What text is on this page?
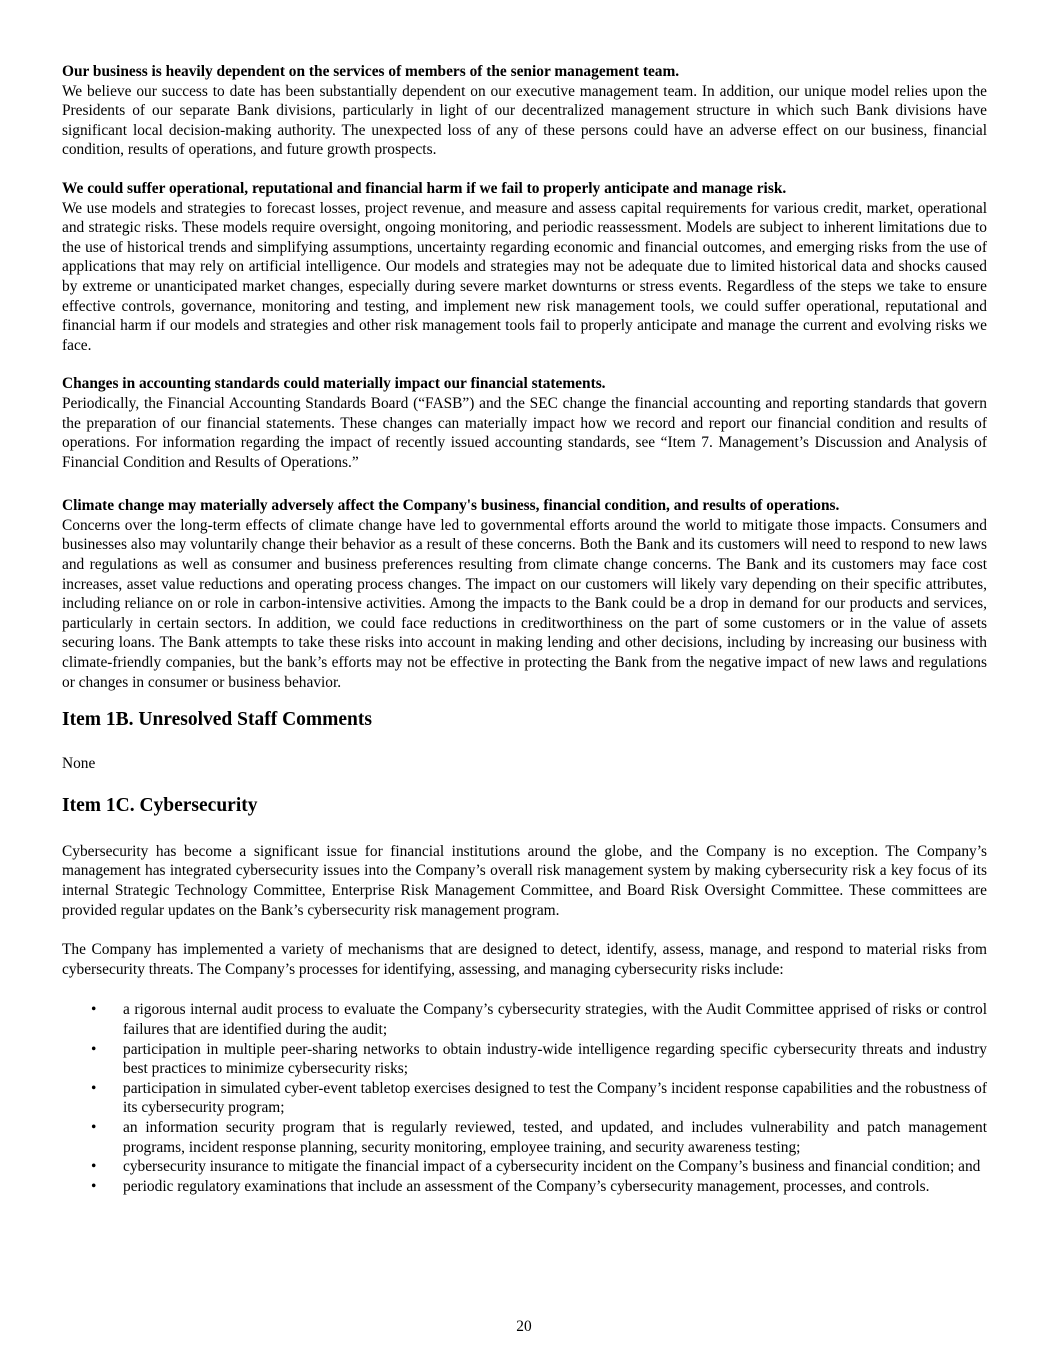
Our business is heavily dependent on the services of members of the senior management team.

We believe our success to date has been substantially dependent on our executive management team. In addition, our unique model relies upon the Presidents of our separate Bank divisions, particularly in light of our decentralized management structure in which such Bank divisions have significant local decision-making authority. The unexpected loss of any of these persons could have an adverse effect on our business, financial condition, results of operations, and future growth prospects.

We could suffer operational, reputational and financial harm if we fail to properly anticipate and manage risk.

We use models and strategies to forecast losses, project revenue, and measure and assess capital requirements for various credit, market, operational and strategic risks. These models require oversight, ongoing monitoring, and periodic reassessment. Models are subject to inherent limitations due to the use of historical trends and simplifying assumptions, uncertainty regarding economic and financial outcomes, and emerging risks from the use of applications that may rely on artificial intelligence. Our models and strategies may not be adequate due to limited historical data and shocks caused by extreme or unanticipated market changes, especially during severe market downturns or stress events. Regardless of the steps we take to ensure effective controls, governance, monitoring and testing, and implement new risk management tools, we could suffer operational, reputational and financial harm if our models and strategies and other risk management tools fail to properly anticipate and manage the current and evolving risks we face.

Changes in accounting standards could materially impact our financial statements.

Periodically, the Financial Accounting Standards Board (“FASB”) and the SEC change the financial accounting and reporting standards that govern the preparation of our financial statements. These changes can materially impact how we record and report our financial condition and results of operations. For information regarding the impact of recently issued accounting standards, see “Item 7. Management’s Discussion and Analysis of Financial Condition and Results of Operations.”

Climate change may materially adversely affect the Company's business, financial condition, and results of operations.

Concerns over the long-term effects of climate change have led to governmental efforts around the world to mitigate those impacts. Consumers and businesses also may voluntarily change their behavior as a result of these concerns. Both the Bank and its customers will need to respond to new laws and regulations as well as consumer and business preferences resulting from climate change concerns. The Bank and its customers may face cost increases, asset value reductions and operating process changes. The impact on our customers will likely vary depending on their specific attributes, including reliance on or role in carbon-intensive activities. Among the impacts to the Bank could be a drop in demand for our products and services, particularly in certain sectors. In addition, we could face reductions in creditworthiness on the part of some customers or in the value of assets securing loans. The Bank attempts to take these risks into account in making lending and other decisions, including by increasing our business with climate-friendly companies, but the bank’s efforts may not be effective in protecting the Bank from the negative impact of new laws and regulations or changes in consumer or business behavior.

Item 1B. Unresolved Staff Comments

None

Item 1C. Cybersecurity

Cybersecurity has become a significant issue for financial institutions around the globe, and the Company is no exception. The Company’s management has integrated cybersecurity issues into the Company’s overall risk management system by making cybersecurity risk a key focus of its internal Strategic Technology Committee, Enterprise Risk Management Committee, and Board Risk Oversight Committee. These committees are provided regular updates on the Bank’s cybersecurity risk management program.

The Company has implemented a variety of mechanisms that are designed to detect, identify, assess, manage, and respond to material risks from cybersecurity threats. The Company’s processes for identifying, assessing, and managing cybersecurity risks include:

• a rigorous internal audit process to evaluate the Company’s cybersecurity strategies, with the Audit Committee apprised of risks or control failures that are identified during the audit;
• participation in multiple peer-sharing networks to obtain industry-wide intelligence regarding specific cybersecurity threats and industry best practices to minimize cybersecurity risks;
• participation in simulated cyber-event tabletop exercises designed to test the Company’s incident response capabilities and the robustness of its cybersecurity program;
• an information security program that is regularly reviewed, tested, and updated, and includes vulnerability and patch management programs, incident response planning, security monitoring, employee training, and security awareness testing;
• cybersecurity insurance to mitigate the financial impact of a cybersecurity incident on the Company’s business and financial condition; and
• periodic regulatory examinations that include an assessment of the Company’s cybersecurity management, processes, and controls.
20
